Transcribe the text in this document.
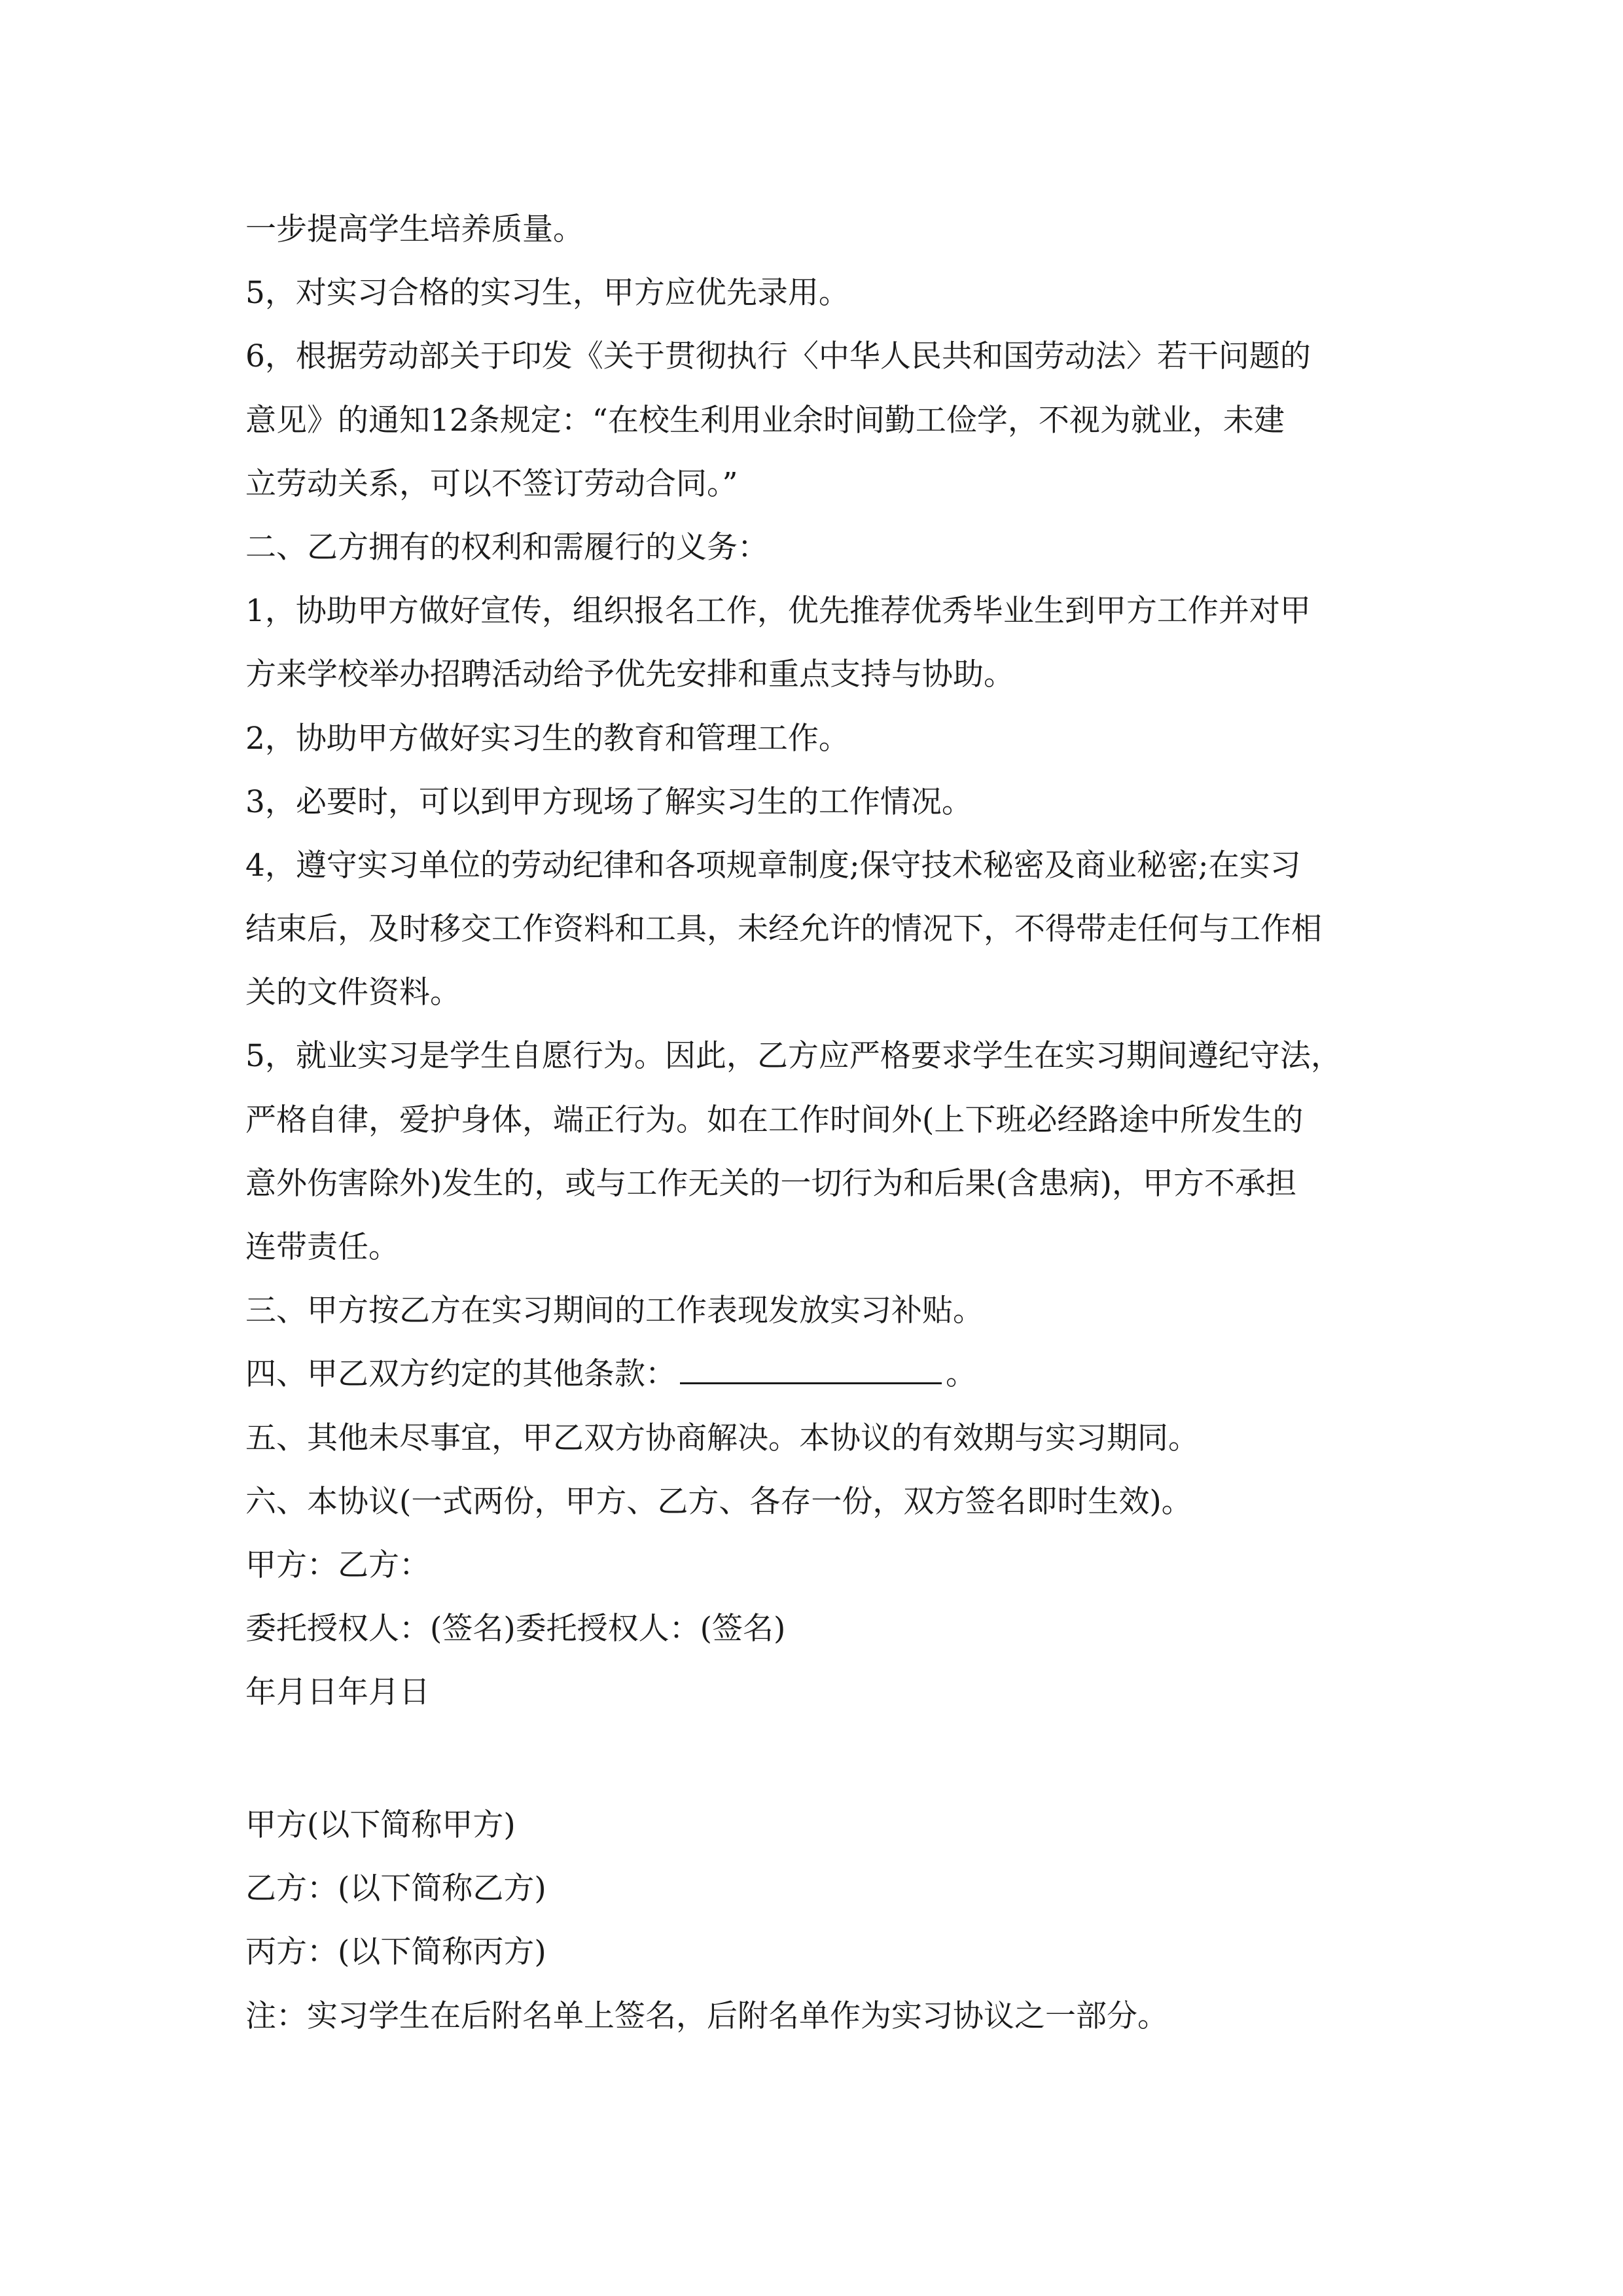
一步提高学生培养质量。
5，对实习合格的实习生，甲方应优先录用。
6，根据劳动部关于印发《关于贯彻执行〈中华人民共和国劳动法〉若干问题的
意见》的通知12条规定：“在校生利用业余时间勤工俭学，不视为就业，未建
立劳动关系，可以不签订劳动合同。”
二、乙方拥有的权利和需履行的义务：
1，协助甲方做好宣传，组织报名工作，优先推荐优秀毕业生到甲方工作并对甲
方来学校举办招聘活动给予优先安排和重点支持与协助。
2，协助甲方做好实习生的教育和管理工作。
3，必要时，可以到甲方现场了解实习生的工作情况。
4，遵守实习单位的劳动纪律和各项规章制度;保守技术秘密及商业秘密;在实习
结束后，及时移交工作资料和工具，未经允许的情况下，不得带走任何与工作相
关的文件资料。
5，就业实习是学生自愿行为。因此，乙方应严格要求学生在实习期间遵纪守法，
严格自律，爱护身体，端正行为。如在工作时间外(上下班必经路途中所发生的
意外伤害除外)发生的，或与工作无关的一切行为和后果(含患病)，甲方不承担
连带责任。
三、甲方按乙方在实习期间的工作表现发放实习补贴。
四、甲乙双方约定的其他条款：	。
五、其他未尽事宜，甲乙双方协商解决。本协议的有效期与实习期同。
六、本协议(一式两份，甲方、乙方、各存一份，双方签名即时生效)。
甲方：乙方：
委托授权人：(签名)委托授权人：(签名)
年月日年月日
甲方(以下简称甲方)
乙方：(以下简称乙方)
丙方：(以下简称丙方)
注：实习学生在后附名单上签名，后附名单作为实习协议之一部分。
